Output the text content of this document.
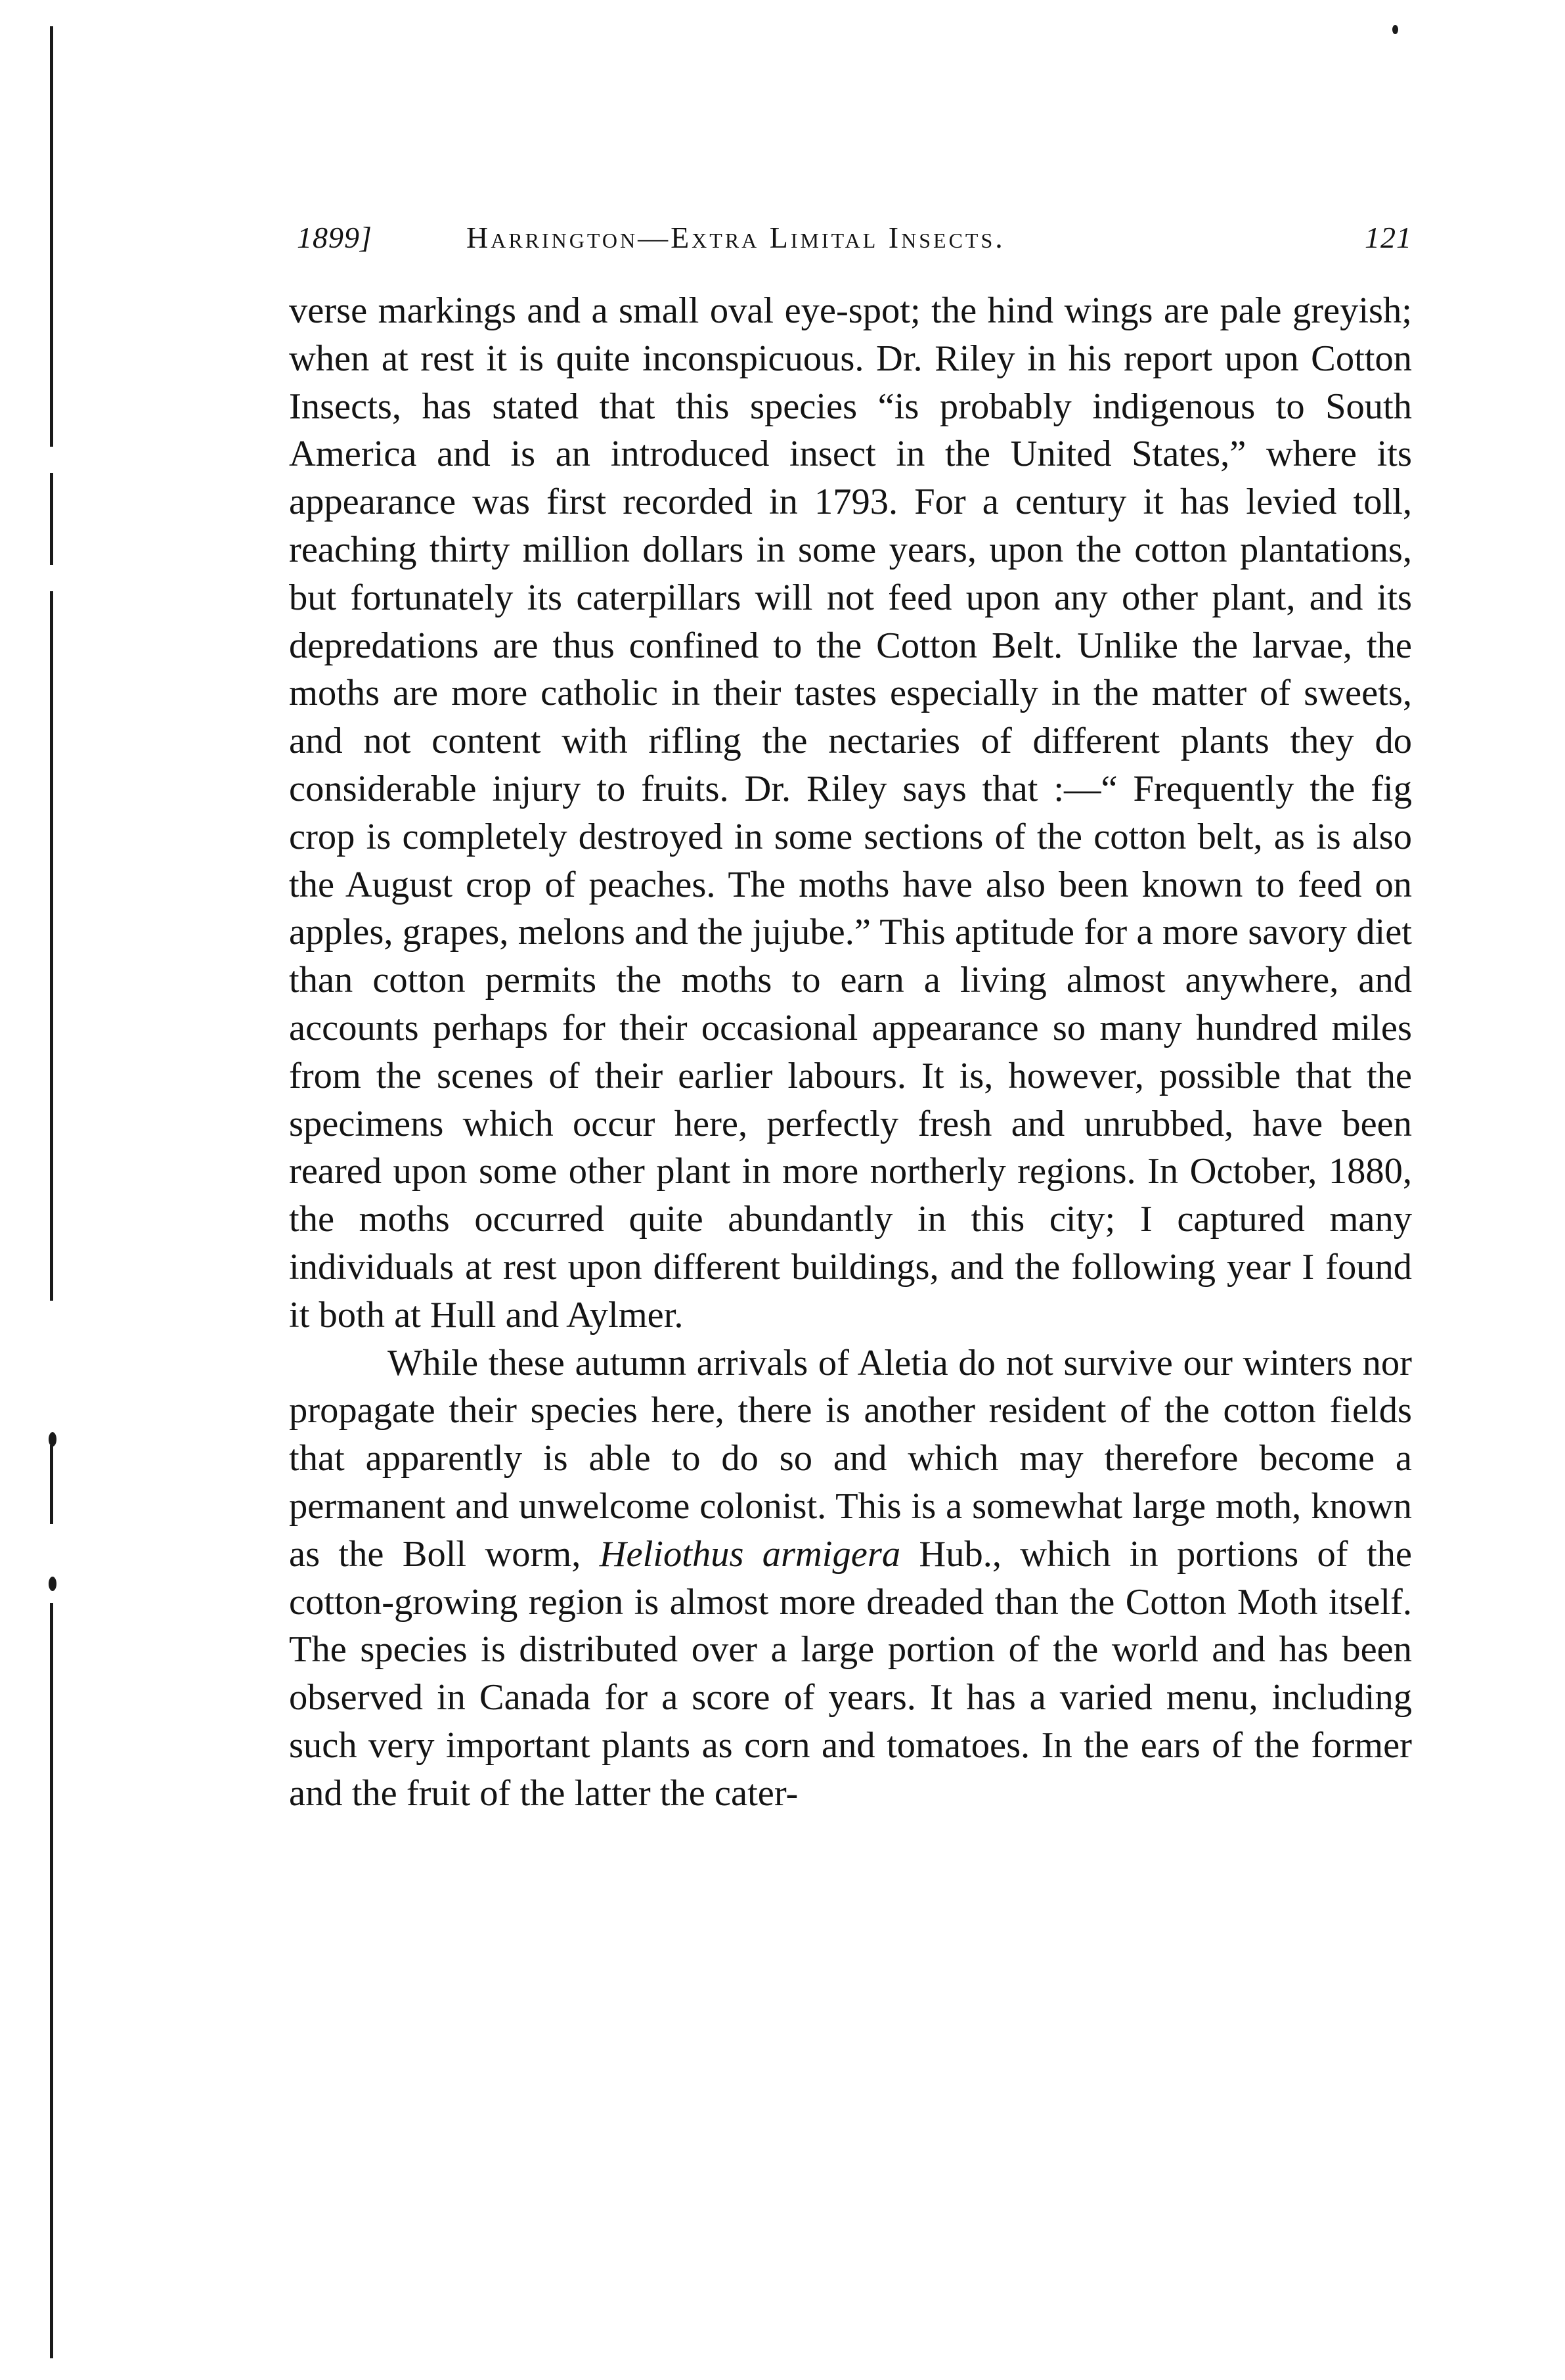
1899]	Harrington—Extra Limital Insects.	121

verse markings and a small oval eye-spot; the hind wings are pale greyish; when at rest it is quite inconspicuous. Dr. Riley in his report upon Cotton Insects, has stated that this species “is probably indigenous to South America and is an introduced insect in the United States,” where its appearance was first recorded in 1793. For a century it has levied toll, reaching thirty million dollars in some years, upon the cotton plantations, but fortunately its caterpillars will not feed upon any other plant, and its depredations are thus confined to the Cotton Belt. Unlike the larvae, the moths are more catholic in their tastes especially in the matter of sweets, and not content with rifling the nectaries of different plants they do considerable injury to fruits. Dr. Riley says that :—“ Frequently the fig crop is completely destroyed in some sections of the cotton belt, as is also the August crop of peaches. The moths have also been known to feed on apples, grapes, melons and the jujube.” This aptitude for a more savory diet than cotton permits the moths to earn a living almost anywhere, and accounts perhaps for their occasional appearance so many hundred miles from the scenes of their earlier labours. It is, however, possible that the specimens which occur here, perfectly fresh and unrubbed, have been reared upon some other plant in more northerly regions. In October, 1880, the moths occurred quite abundantly in this city; I captured many individuals at rest upon different buildings, and the following year I found it both at Hull and Aylmer.

While these autumn arrivals of Aletia do not survive our winters nor propagate their species here, there is another resident of the cotton fields that apparently is able to do so and which may therefore become a permanent and unwelcome colonist. This is a somewhat large moth, known as the Boll worm, Heliothus armigera Hub., which in portions of the cotton-growing region is almost more dreaded than the Cotton Moth itself. The species is distributed over a large portion of the world and has been observed in Canada for a score of years. It has a varied menu, including such very important plants as corn and tomatoes. In the ears of the former and the fruit of the latter the cater-
